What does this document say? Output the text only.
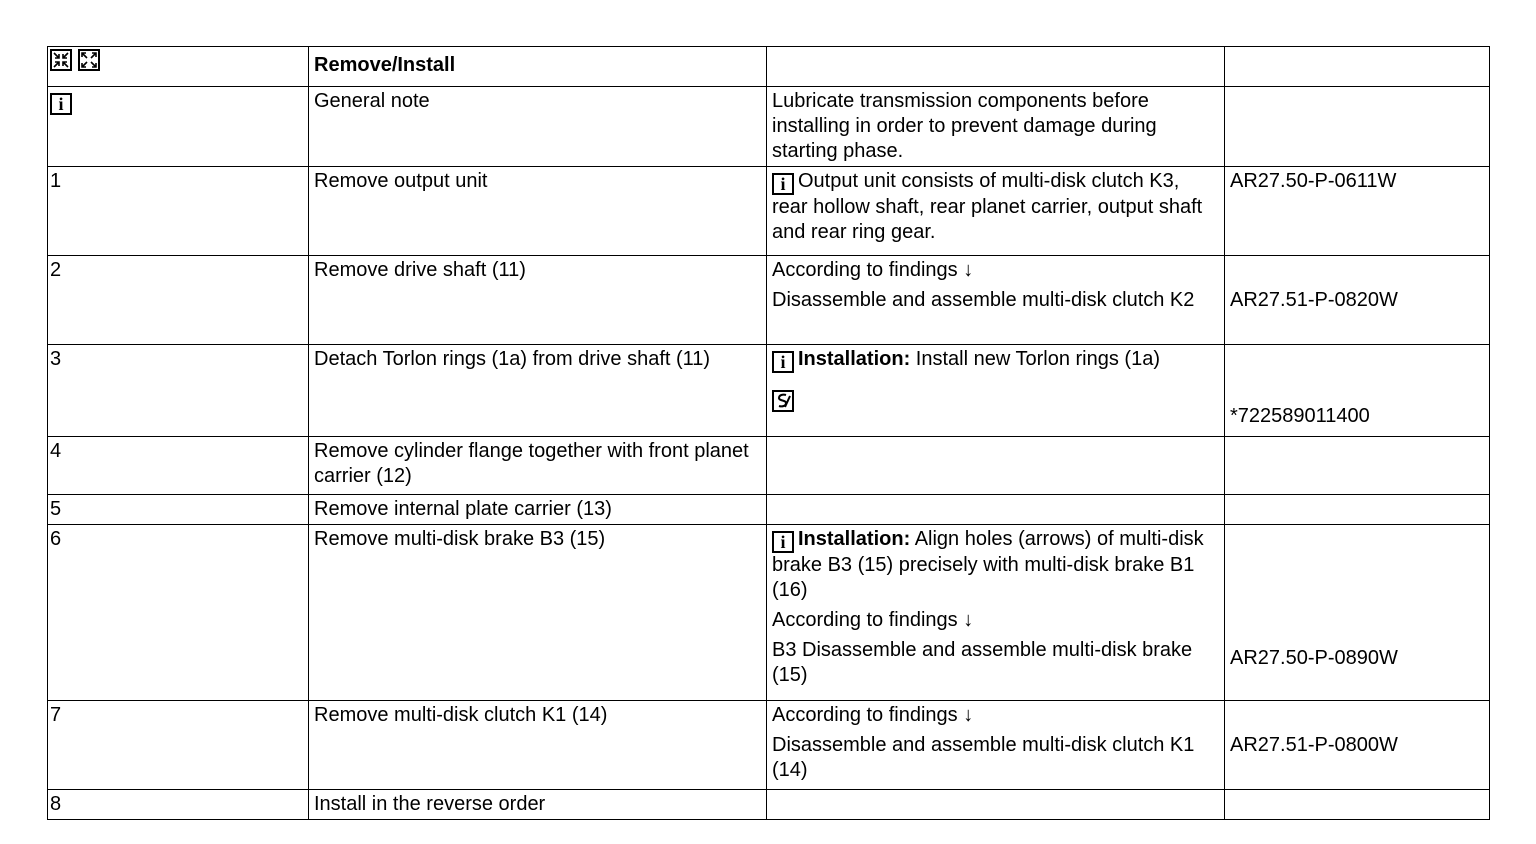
	Remove/Install		
i	General note	Lubricate transmission components before installing in order to prevent damage during starting phase.	
1	Remove output unit	i Output unit consists of multi-disk clutch K3, rear hollow shaft, rear planet carrier, output shaft and rear ring gear.	AR27.50-P-0611W
2	Remove drive shaft (11)	According to findings ↓
Disassemble and assemble multi-disk clutch K2	AR27.51-P-0820W

3	Detach Torlon rings (1a) from drive shaft (11)	i Installation: Install new Torlon rings (1a)	*722589011400

4	Remove cylinder flange together with front planet carrier (12)		
5	Remove internal plate carrier (13)		
6	Remove multi-disk brake B3 (15)	i Installation: Align holes (arrows) of multi-disk brake B3 (15) precisely with multi-disk brake B1 (16)
According to findings ↓
B3 Disassemble and assemble multi-disk brake (15)	AR27.50-P-0890W

7	Remove multi-disk clutch K1 (14)	According to findings ↓
Disassemble and assemble multi-disk clutch K1 (14)	AR27.51-P-0800W

8	Install in the reverse order		
